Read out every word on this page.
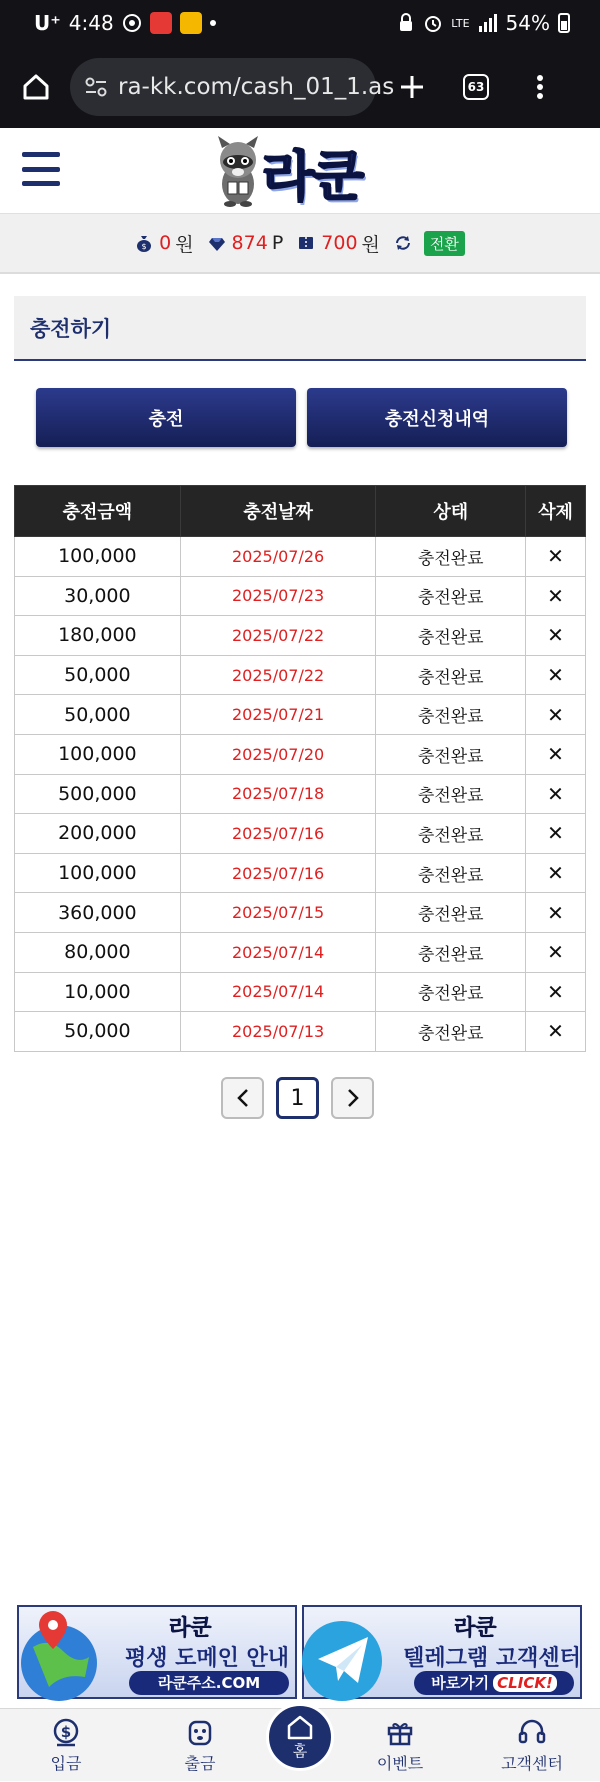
U⁺ 4:48	LTE 54%
ra-kk.com/cash_01_1.as	63
라쿤
$ 0 원 874 P 700 원	전환
충전하기
충전	충전신청내역
충전금액	충전날짜	상태	삭제
100,000	2025/07/26	충전완료	✕
30,000	2025/07/23	충전완료	✕
180,000	2025/07/22	충전완료	✕
50,000	2025/07/22	충전완료	✕
50,000	2025/07/21	충전완료	✕
100,000	2025/07/20	충전완료	✕
500,000	2025/07/18	충전완료	✕
200,000	2025/07/16	충전완료	✕
100,000	2025/07/16	충전완료	✕
360,000	2025/07/15	충전완료	✕
80,000	2025/07/14	충전완료	✕
10,000	2025/07/14	충전완료	✕
50,000	2025/07/13	충전완료	✕
1
라쿤
평생 도메인 안내
라쿤주소.COM
라쿤
텔레그램 고객센터
바로가기 CLICK!
$
입금	출금	이벤트	고객센터
홈
